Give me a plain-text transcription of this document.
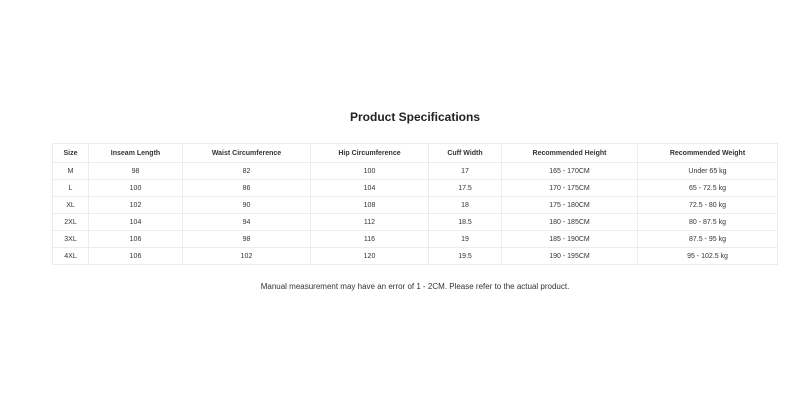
Product Specifications
Size	Inseam Length	Waist Circumference	Hip Circumference	Cuff Width	Recommended Height	Recommended Weight
M	98	82	100	17	165 - 170CM	Under 65 kg
L	100	86	104	17.5	170 - 175CM	65 - 72.5 kg
XL	102	90	108	18	175 - 180CM	72.5 - 80 kg
2XL	104	94	112	18.5	180 - 185CM	80 - 87.5 kg
3XL	106	98	116	19	185 - 190CM	87.5 - 95 kg
4XL	106	102	120	19.5	190 - 195CM	95 - 102.5 kg
Manual measurement may have an error of 1 - 2CM. Please refer to the actual product.
